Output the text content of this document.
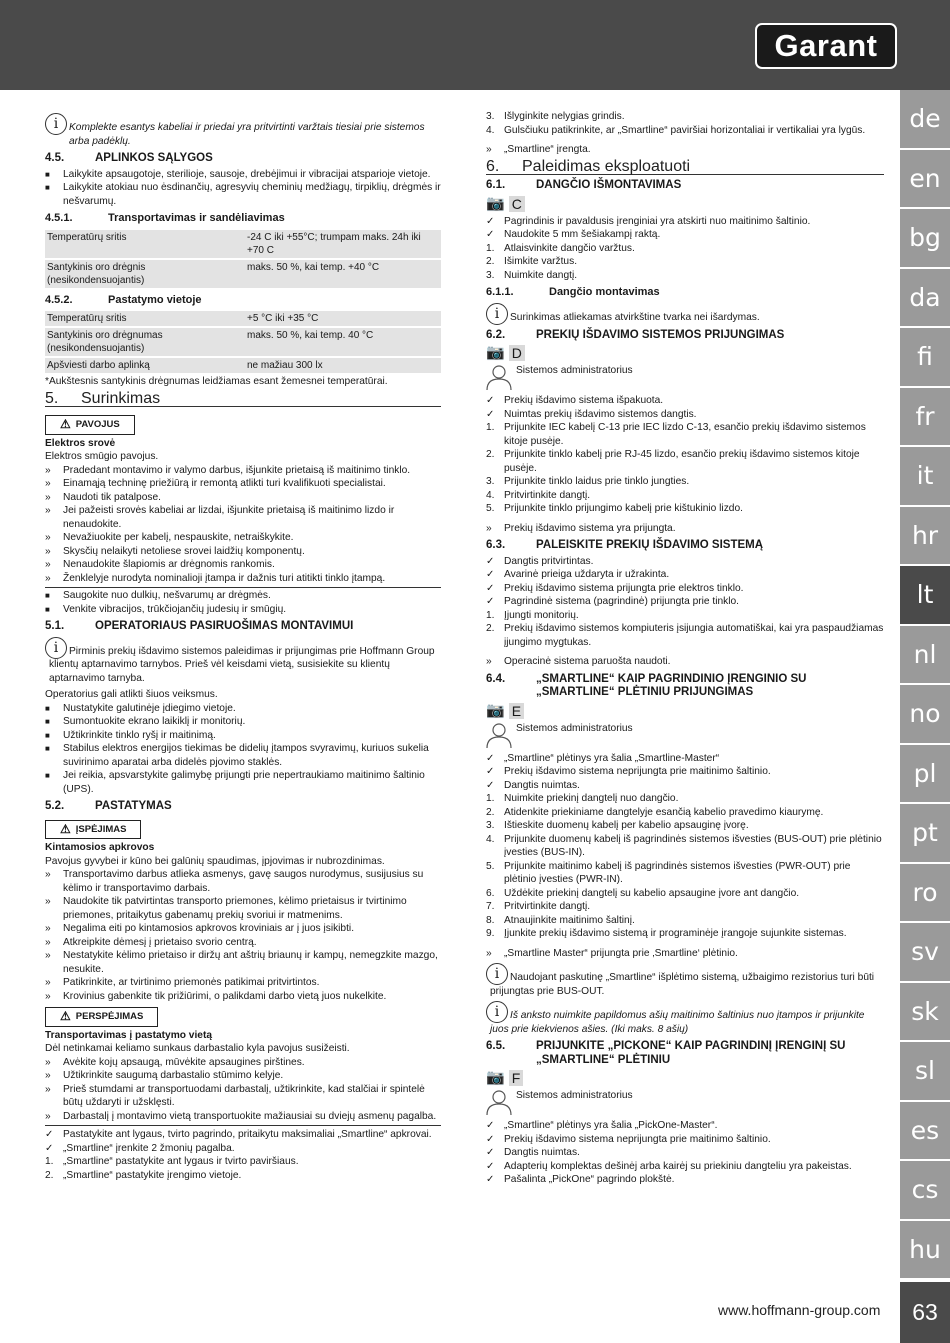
Garant
de
en
bg
da
fi
fr
it
hr
lt
nl
no
pl
pt
ro
sv
sk
sl
es
cs
hu
www.hoffmann-group.com	63
i	Komplekte esantys kabeliai ir priedai yra pritvirtinti varžtais tiesiai prie sistemos arba padėklų.

4.5.	APLINKOS SĄLYGOS
■	Laikykite apsaugotoje, sterilioje, sausoje, drebėjimui ir vibracijai atsparioje vietoje.
■	Laikykite atokiau nuo ėsdinančių, agresyvių cheminių medžiagų, tirpiklių, drėgmės ir nešvarumų.
4.5.1.	Transportavimas ir sandėliavimas
Temperatūrų sritis	-24 C iki +55°C; trumpam maks. 24h iki +70 C
Santykinis oro drėgnis (nesikondensuojantis)	maks. 50 %, kai temp. +40 °C
4.5.2.	Pastatymo vietoje
Temperatūrų sritis	+5 °C iki +35 °C
Santykinis oro drėgnumas (nesikondensuojantis)	maks. 50 %, kai temp. 40 °C
Apšviesti darbo aplinką	ne mažiau 300 lx

*Aukštesnis santykinis drėgnumas leidžiamas esant žemesnei temperatūrai.

5.	Surinkimas
⚠ PAVOJUS

Elektros srovė

Elektros smūgio pavojus.

»	Pradedant montavimo ir valymo darbus, išjunkite prietaisą iš maitinimo tinklo.
»	Einamąją techninę priežiūrą ir remontą atlikti turi kvalifikuoti specialistai.
»	Naudoti tik patalpose.
»	Jei pažeisti srovės kabeliai ar lizdai, išjunkite prietaisą iš maitinimo lizdo ir nenaudokite.
»	Nevažiuokite per kabelį, nespauskite, netraiškykite.
»	Skysčių nelaikyti netoliese srovei laidžių komponentų.
»	Nenaudokite šlapiomis ar drėgnomis rankomis.
»	Ženklelyje nurodyta nominalioji įtampa ir dažnis turi atitikti tinklo įtampą.
■	Saugokite nuo dulkių, nešvarumų ar drėgmės.
■	Venkite vibracijos, trūkčiojančių judesių ir smūgių.
5.1.	OPERATORIAUS PASIRUOŠIMAS MONTAVIMUI
i	Pirminis prekių išdavimo sistemos paleidimas ir prijungimas prie Hoffmann Group klientų aptarnavimo tarnybos. Prieš vėl keisdami vietą, susisiekite su klientų aptarnavimo tarnyba.

Operatorius gali atlikti šiuos veiksmus.

■	Nustatykite galutinėje įdiegimo vietoje.
■	Sumontuokite ekrano laikiklį ir monitorių.
■	Užtikrinkite tinklo ryšį ir maitinimą.
■	Stabilus elektros energijos tiekimas be didelių įtampos svyravimų, kuriuos sukelia suvirinimo aparatai arba didelės pjovimo staklės.
■	Jei reikia, apsvarstykite galimybę prijungti prie nepertraukiamo maitinimo šaltinio (UPS).
5.2.	PASTATYMAS
⚠ ĮSPĖJIMAS

Kintamosios apkrovos

Pavojus gyvybei ir kūno bei galūnių spaudimas, įpjovimas ir nubrozdinimas.

»	Transportavimo darbus atlieka asmenys, gavę saugos nurodymus, susijusius su kėlimo ir transportavimo darbais.
»	Naudokite tik patvirtintas transporto priemones, kėlimo prietaisus ir tvirtinimo priemones, pritaikytus gabenamų prekių svoriui ir matmenims.
»	Negalima eiti po kintamosios apkrovos kroviniais ar į juos įsikibti.
»	Atkreipkite dėmesį į prietaiso svorio centrą.
»	Nestatykite kėlimo prietaiso ir diržų ant aštrių briaunų ir kampų, nemegzkite mazgo, nesukite.
»	Patikrinkite, ar tvirtinimo priemonės patikimai pritvirtintos.
»	Krovinius gabenkite tik prižiūrimi, o palikdami darbo vietą juos nukelkite.
⚠ PERSPĖJIMAS

Transportavimas į pastatymo vietą

Dėl netinkamai keliamo sunkaus darbastalio kyla pavojus susižeisti.

»	Avėkite kojų apsaugą, mūvėkite apsaugines pirštines.
»	Užtikrinkite saugumą darbastalio stūmimo kelyje.
»	Prieš stumdami ar transportuodami darbastalį, užtikrinkite, kad stalčiai ir spintelė būtų uždaryti ir užsklęsti.
»	Darbastalį į montavimo vietą transportuokite mažiausiai su dviejų asmenų pagalba.
✓ Pastatykite ant lygaus, tvirto pagrindo, pritaikytu maksimaliai „Smartline“ apkrovai.
✓ „Smartline“ įrenkite 2 žmonių pagalba.
1. „Smartline“ pastatykite ant lygaus ir tvirto paviršiaus.
2. „Smartline“ pastatykite įrengimo vietoje.
3. Išlyginkite nelygias grindis.
4. Gulsčiuku patikrinkite, ar „Smartline“ paviršiai horizontaliai ir vertikaliai yra lygūs.
»	„Smartline“ įrengta.
6.	Paleidimas eksploatuoti
6.1.	DANGČIO IŠMONTAVIMAS
📷 C
✓ Pagrindinis ir pavaldusis įrenginiai yra atskirti nuo maitinimo šaltinio.
✓ Naudokite 5 mm šešiakampį raktą.
1. Atlaisvinkite dangčio varžtus.
2. Išimkite varžtus.
3. Nuimkite dangtį.
6.1.1.	Dangčio montavimas
i	Surinkimas atliekamas atvirkštine tvarka nei išardymas.

6.2.	PREKIŲ IŠDAVIMO SISTEMOS PRIJUNGIMAS
📷 D
Sistemos administratorius
✓ Prekių išdavimo sistema išpakuota.
✓ Nuimtas prekių išdavimo sistemos dangtis.
1. Prijunkite IEC kabelį C-13 prie IEC lizdo C-13, esančio prekių išdavimo sistemos kitoje pusėje.
2. Prijunkite tinklo kabelį prie RJ-45 lizdo, esančio prekių išdavimo sistemos kitoje pusėje.
3. Prijunkite tinklo laidus prie tinklo jungties.
4. Pritvirtinkite dangtį.
5. Prijunkite tinklo prijungimo kabelį prie kištukinio lizdo.
»	Prekių išdavimo sistema yra prijungta.
6.3.	PALEISKITE PREKIŲ IŠDAVIMO SISTEMĄ
✓ Dangtis pritvirtintas.
✓ Avarinė prieiga uždaryta ir užrakinta.
✓ Prekių išdavimo sistema prijungta prie elektros tinklo.
✓ Pagrindinė sistema (pagrindinė) prijungta prie tinklo.
1. Įjungti monitorių.
2. Prekių išdavimo sistemos kompiuteris įsijungia automatiškai, kai yra paspaudžiamas įjungimo mygtukas.
»	Operacinė sistema paruošta naudoti.
6.4.	„SMARTLINE“ KAIP PAGRINDINIO ĮRENGINIO SU „SMARTLINE“ PLĖTINIU PRIJUNGIMAS
📷 E
Sistemos administratorius
✓ „Smartline“ plėtinys yra šalia „Smartline-Master“
✓ Prekių išdavimo sistema neprijungta prie maitinimo šaltinio.
✓ Dangtis nuimtas.
1. Nuimkite priekinį dangtelį nuo dangčio.
2. Atidenkite priekiniame dangtelyje esančią kabelio pravedimo kiaurymę.
3. Ištieskite duomenų kabelį per kabelio apsauginę įvorę.
4. Prijunkite duomenų kabelį iš pagrindinės sistemos išvesties (BUS-OUT) prie plėtinio įvesties (BUS-IN).
5. Prijunkite maitinimo kabelį iš pagrindinės sistemos išvesties (PWR-OUT) prie plėtinio įvesties (PWR-IN).
6. Uždėkite priekinį dangtelį su kabelio apsaugine įvore ant dangčio.
7. Pritvirtinkite dangtį.
8. Atnaujinkite maitinimo šaltinį.
9. Įjunkite prekių išdavimo sistemą ir programinėje įrangoje sujunkite sistemas.
»	„Smartline Master“ prijungta prie ‚Smartline‘ plėtinio.
i	Naudojant paskutinę „Smartline“ išplėtimo sistemą, užbaigimo rezistorius turi būti prijungtas prie BUS-OUT.

i	Iš anksto nuimkite papildomus ašių maitinimo šaltinius nuo įtampos ir prijunkite juos prie kiekvienos ašies. (Iki maks. 8 ašių)

6.5.	PRIJUNKITE „PICKONE“ KAIP PAGRINDINĮ ĮRENGINĮ SU „SMARTLINE“ PLĖTINIU
📷 F
Sistemos administratorius
✓ „Smartline“ plėtinys yra šalia „PickOne-Master“.
✓ Prekių išdavimo sistema neprijungta prie maitinimo šaltinio.
✓ Dangtis nuimtas.
✓ Adapterių komplektas dešinėj arba kairėj su priekiniu dangteliu yra pakeistas.
✓ Pašalinta „PickOne“ pagrindo plokštė.
